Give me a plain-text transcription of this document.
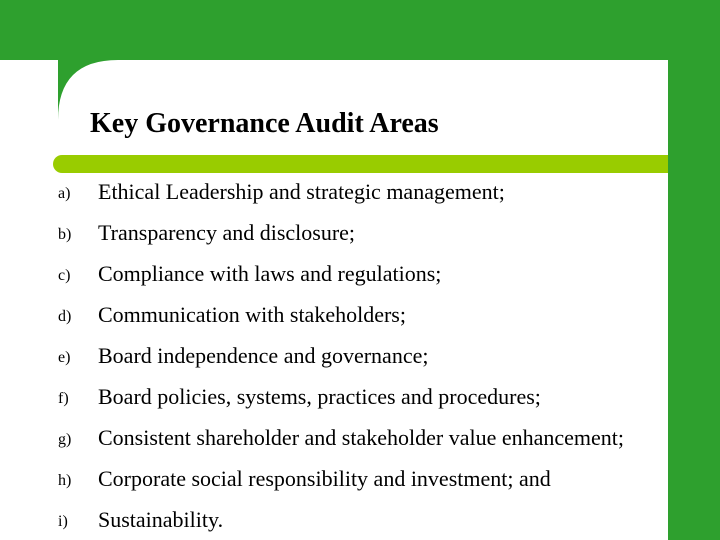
Key Governance Audit Areas
a) Ethical Leadership and strategic management;
b) Transparency and disclosure;
c) Compliance with laws and regulations;
d) Communication with stakeholders;
e) Board independence and governance;
f) Board policies, systems, practices and procedures;
g) Consistent shareholder and stakeholder value enhancement;
h) Corporate social responsibility and investment; and
i) Sustainability.
